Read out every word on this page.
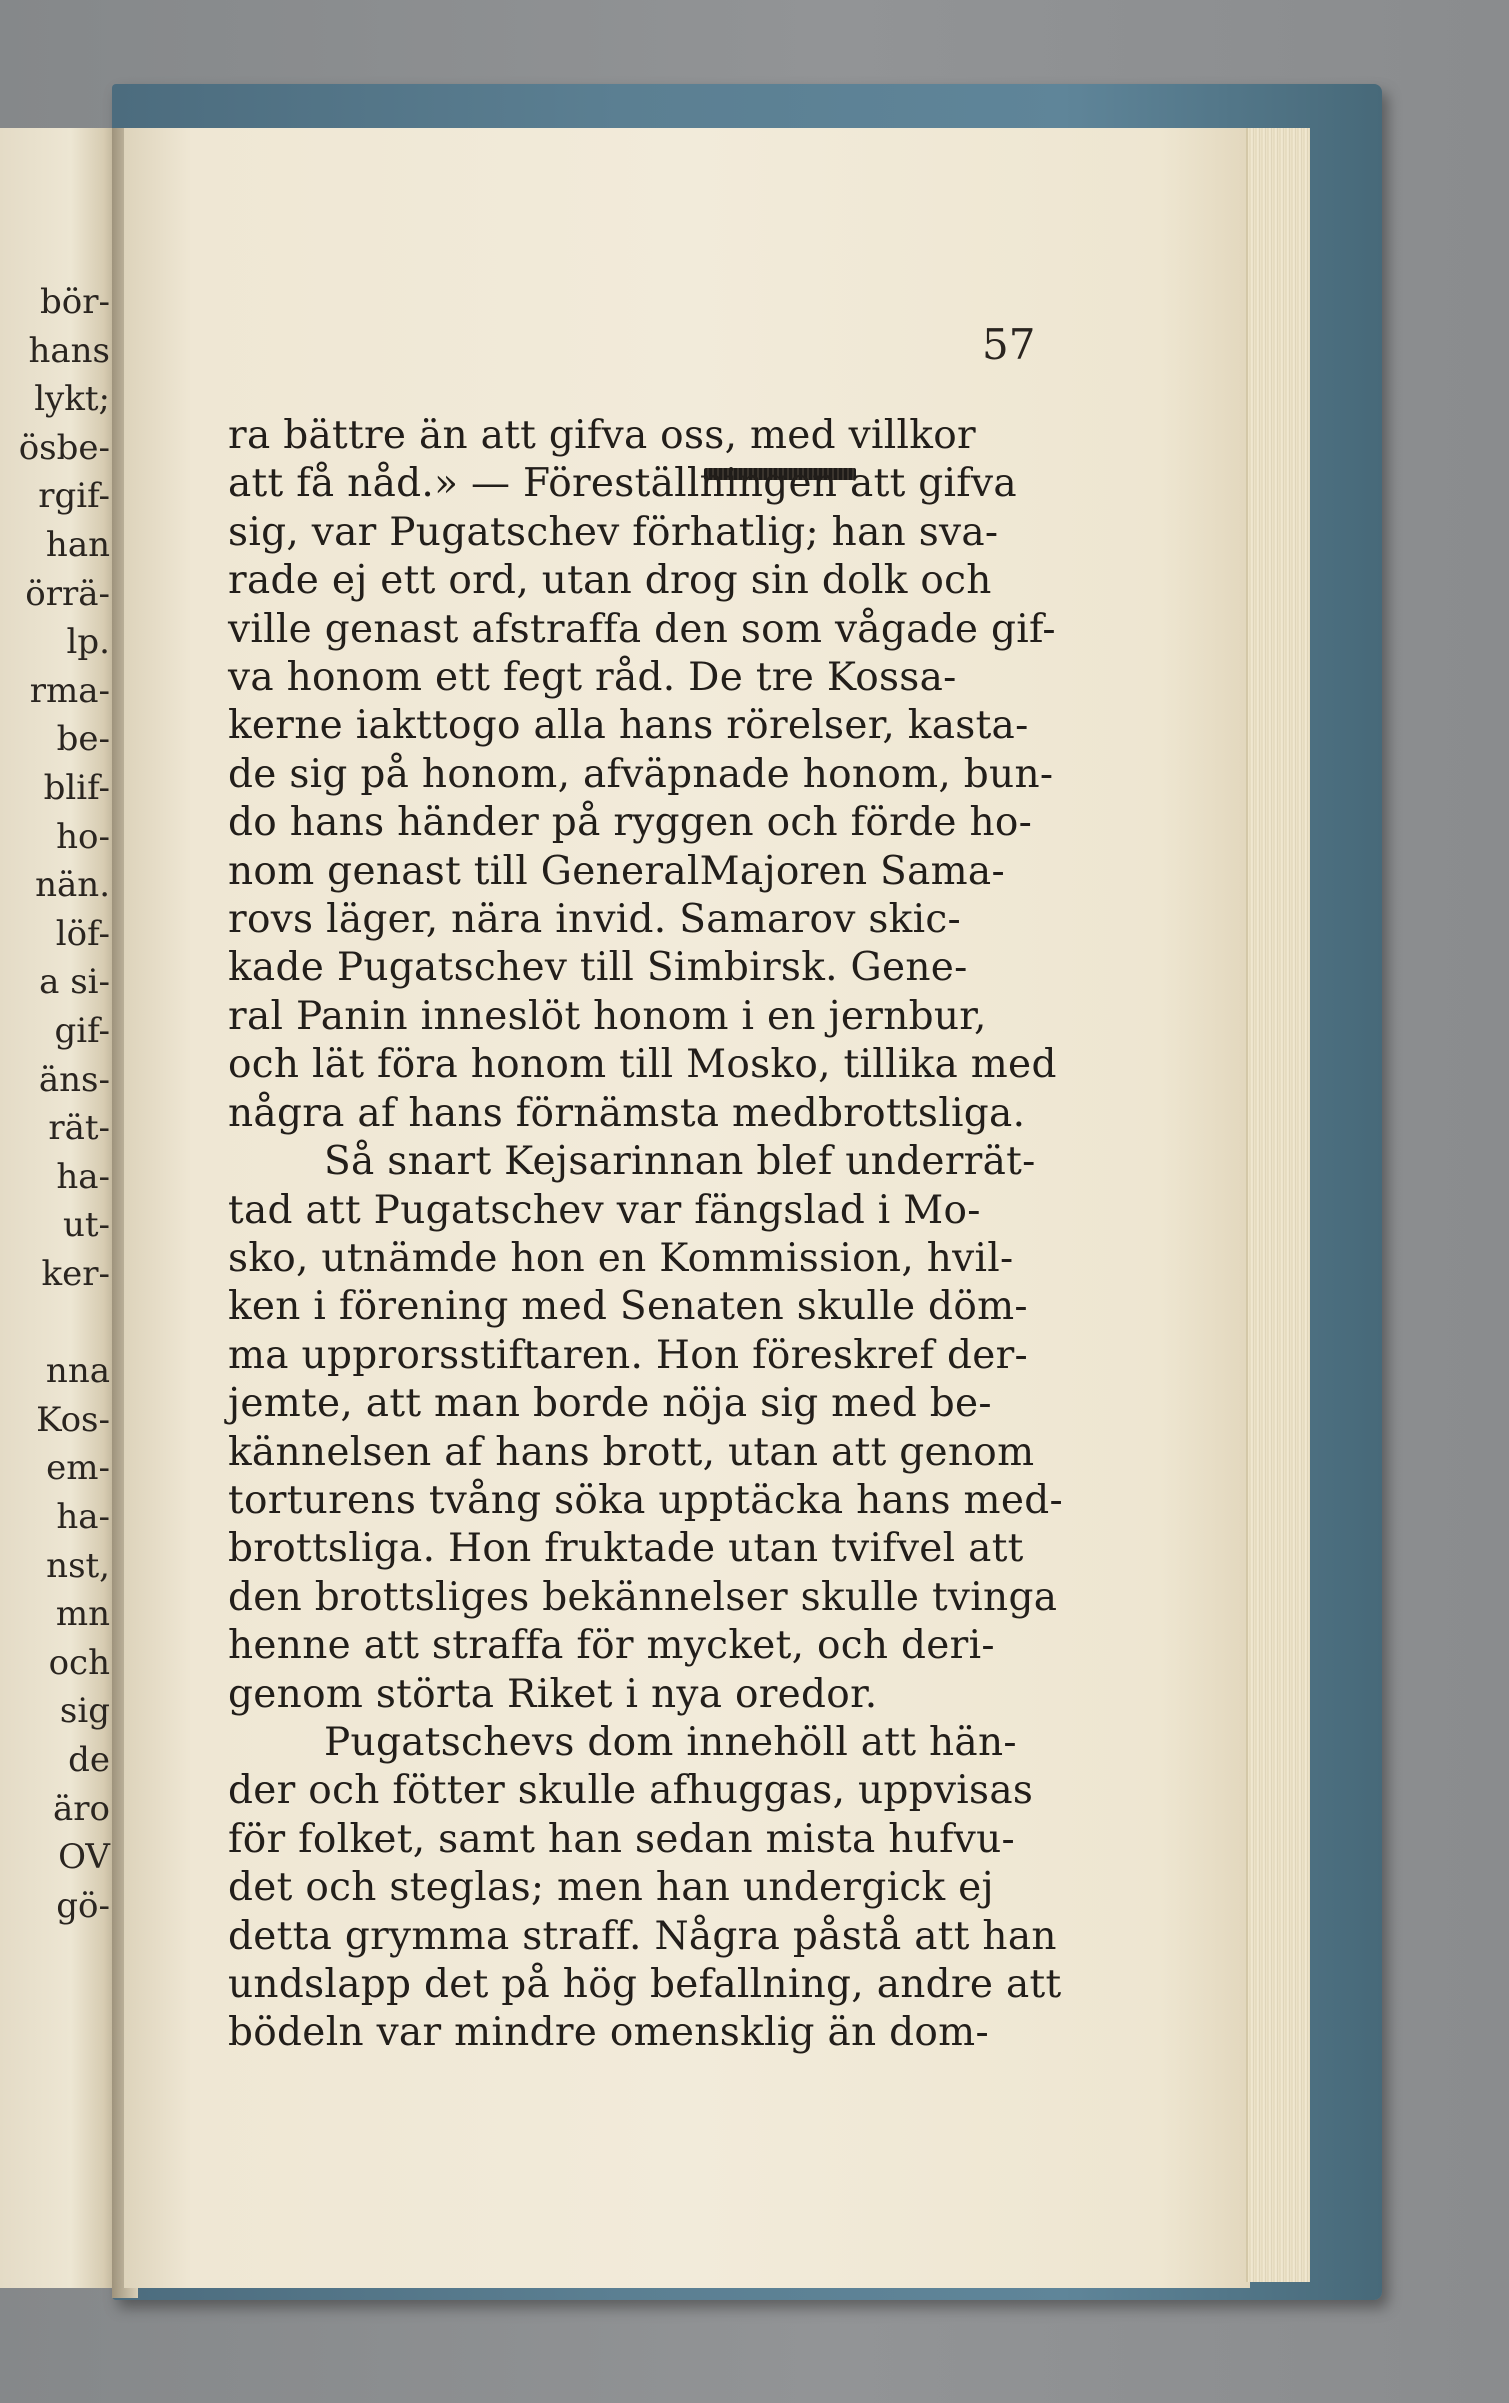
bör-
hans
lykt;
ösbe-
rgif-
han
örrä-
lp.
rma-
be-
blif-
ho-
nän.
löf-
a si-
gif-
äns-
rät-
ha-
ut-
ker-
nna
Kos-
em-
ha-
nst,
mn
och
sig
de
äro
OV
gö-
57
ra bättre än att gifva oss, med villkor
att få nåd.» — Föreställningen att gifva
sig, var Pugatschev förhatlig; han sva-
rade ej ett ord, utan drog sin dolk och
ville genast afstraffa den som vågade gif-
va honom ett fegt råd. De tre Kossa-
kerne iakttogo alla hans rörelser, kasta-
de sig på honom, afväpnade honom, bun-
do hans händer på ryggen och förde ho-
nom genast till GeneralMajoren Sama-
rovs läger, nära invid. Samarov skic-
kade Pugatschev till Simbirsk. Gene-
ral Panin inneslöt honom i en jernbur,
och lät föra honom till Mosko, tillika med
några af hans förnämsta medbrottsliga.
Så snart Kejsarinnan blef underrät-
tad att Pugatschev var fängslad i Mo-
sko, utnämde hon en Kommission, hvil-
ken i förening med Senaten skulle döm-
ma upprorsstiftaren. Hon föreskref der-
jemte, att man borde nöja sig med be-
kännelsen af hans brott, utan att genom
torturens tvång söka upptäcka hans med-
brottsliga. Hon fruktade utan tvifvel att
den brottsliges bekännelser skulle tvinga
henne att straffa för mycket, och deri-
genom störta Riket i nya oredor.
Pugatschevs dom innehöll att hän-
der och fötter skulle afhuggas, uppvisas
för folket, samt han sedan mista hufvu-
det och steglas; men han undergick ej
detta grymma straff. Några påstå att han
undslapp det på hög befallning, andre att
bödeln var mindre omensklig än dom-
